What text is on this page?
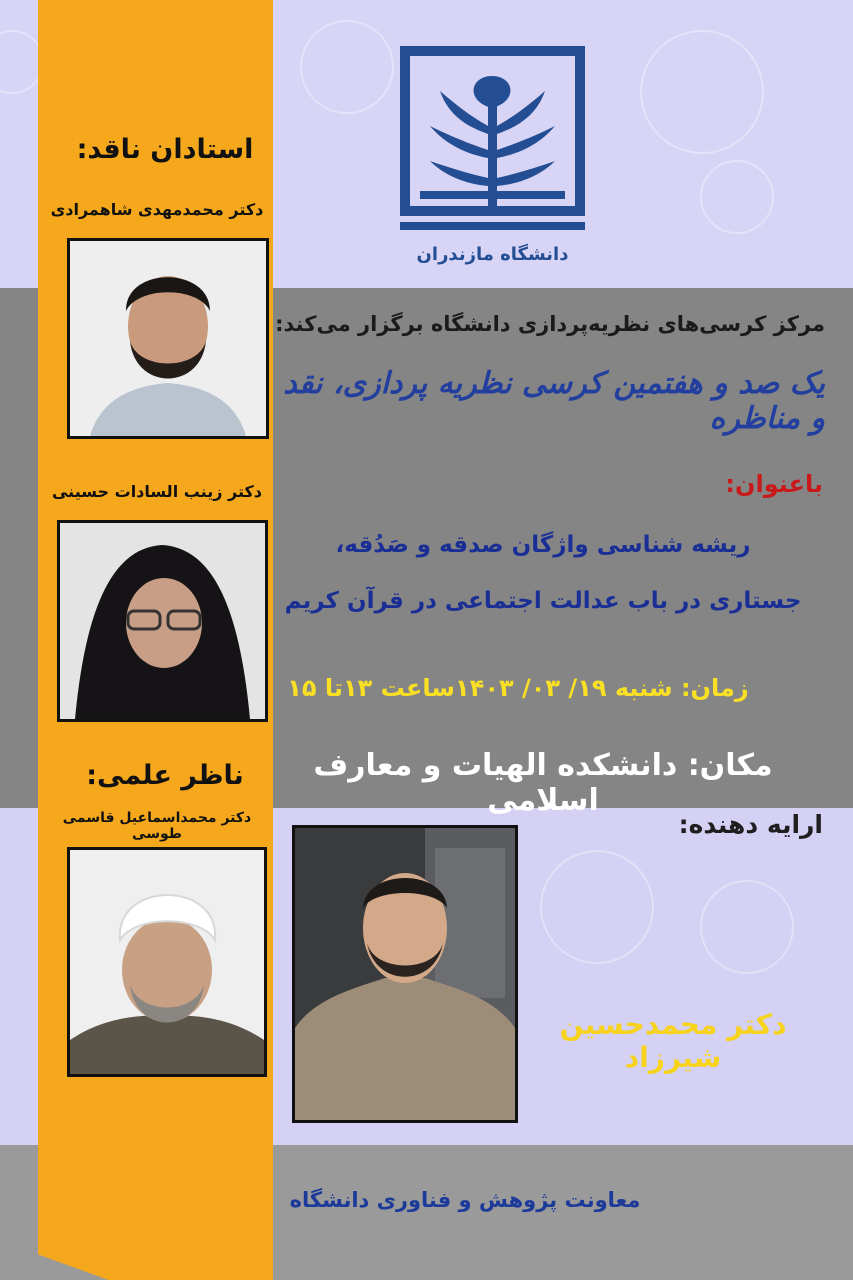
دانشگاه مازندران
مرکز کرسی‌های نظریه‌پردازی دانشگاه برگزار می‌کند:
یک صد و هفتمین کرسی نظریه پردازی، نقد و مناظره
باعنوان:
ریشه شناسی واژگان صدقه و صَدُقه،
جستاری در باب عدالت اجتماعی در قرآن کریم
زمان: شنبه ۱۹/ ۰۳/ ۱۴۰۳ساعت ۱۳تا ۱۵
مکان: دانشکده الهیات و معارف اسلامی
ارایه دهنده:
دکتر محمدحسین شیرزاد
استادان ناقد:
دکتر محمدمهدی شاهمرادی
دکتر زینب السادات حسینی
ناظر علمی:
دکتر محمداسماعیل قاسمی طوسی
معاونت پژوهش و فناوری دانشگاه
